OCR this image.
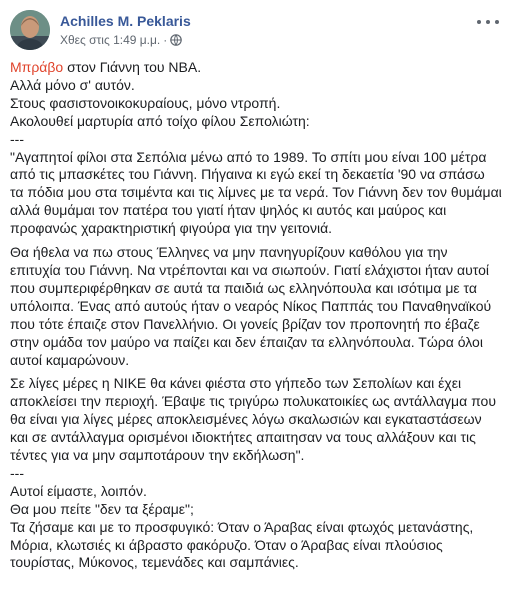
Achilles M. Peklaris
Χθες στις 1:49 μ.μ. ·

Μπράβο στον Γιάννη του NBA.

Αλλά μόνο σ' αυτόν.

Στους φασιστονοικοκυραίους, μόνο ντροπή.

Ακολουθεί μαρτυρία από τοίχο φίλου Σεπολιώτη:

---

"Αγαπητοί φίλοι στα Σεπόλια μένω από το 1989. Το σπίτι μου είναι 100 μέτρα από τις μπασκέτες του Γιάννη. Πήγαινα κι εγώ εκεί τη δεκαετία '90 να σπάσω τα πόδια μου στα τσιμέντα και τις λίμνες με τα νερά. Τον Γιάννη δεν τον θυμάμαι αλλά θυμάμαι τον πατέρα του γιατί ήταν ψηλός κι αυτός και μαύρος και προφανώς χαρακτηριστική φιγούρα για την γειτονιά.

Θα ήθελα να πω στους Έλληνες να μην πανηγυρίζουν καθόλου για την επιτυχία του Γιάννη. Να ντρέπονται και να σιωπούν. Γιατί ελάχιστοι ήταν αυτοί που συμπεριφέρθηκαν σε αυτά τα παιδιά ως ελληνόπουλα και ισότιμα με τα υπόλοιπα. Ένας από αυτούς ήταν ο νεαρός Νίκος Παππάς του Παναθηναϊκού που τότε έπαιζε στον Πανελλήνιο. Οι γονείς βρίζαν τον προπονητή πο έβαζε στην ομάδα τον μαύρο να παίζει και δεν έπαιζαν τα ελληνόπουλα. Τώρα όλοι αυτοί καμαρώνουν.

Σε λίγες μέρες η NIKE θα κάνει φιέστα στο γήπεδο των Σεπολίων και έχει αποκλείσει την περιοχή. Έβαψε τις τριγύρω πολυκατοικίες ως αντάλλαγμα που θα είναι για λίγες μέρες αποκλεισμένες λόγω σκαλωσιών και εγκαταστάσεων και σε αντάλλαγμα ορισμένοι ιδιοκτήτες απαιτησαν να τους αλλάξουν και τις τέντες για να μην σαμποτάρουν την εκδήλωση".

---

Αυτοί είμαστε, λοιπόν.

Θα μου πείτε "δεν τα ξέραμε";

Τα ζήσαμε και με το προσφυγικό: Όταν ο Άραβας είναι φτωχός μετανάστης, Μόρια, κλωτσιές κι άβραστο φακόρυζο. Όταν ο Άραβας είναι πλούσιος τουρίστας, Μύκονος, τεμενάδες και σαμπάνιες.
